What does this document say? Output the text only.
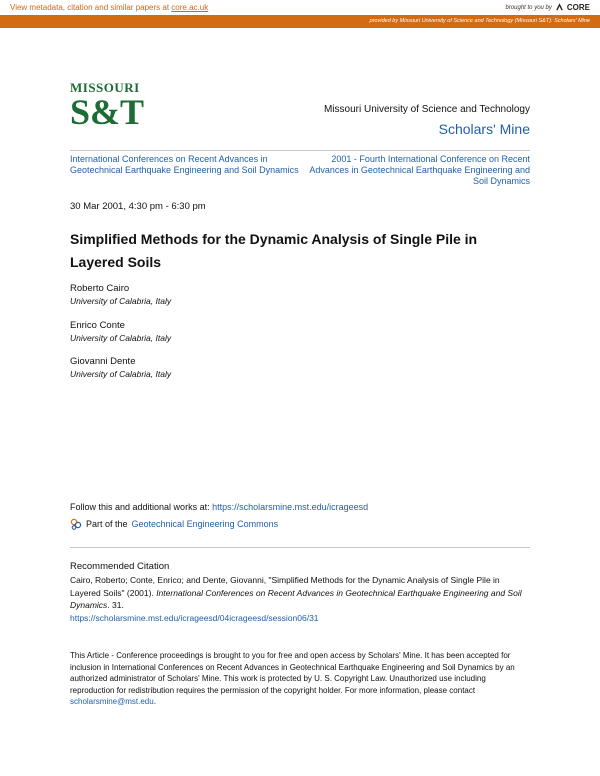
View metadata, citation and similar papers at core.ac.uk	brought to you by CORE
provided by Missouri University of Science and Technology (Missouri S&T): Scholars' Mine
MISSOURI
S&T	Missouri University of Science and Technology
Scholars' Mine
International Conferences on Recent Advances in Geotechnical Earthquake Engineering and Soil Dynamics
2001 - Fourth International Conference on Recent Advances in Geotechnical Earthquake Engineering and Soil Dynamics
30 Mar 2001, 4:30 pm - 6:30 pm
Simplified Methods for the Dynamic Analysis of Single Pile in Layered Soils
Roberto Cairo
University of Calabria, Italy
Enrico Conte
University of Calabria, Italy
Giovanni Dente
University of Calabria, Italy
Follow this and additional works at: https://scholarsmine.mst.edu/icrageesd
Part of the Geotechnical Engineering Commons
Recommended Citation
Cairo, Roberto; Conte, Enrico; and Dente, Giovanni, "Simplified Methods for the Dynamic Analysis of Single Pile in Layered Soils" (2001). International Conferences on Recent Advances in Geotechnical Earthquake Engineering and Soil Dynamics. 31.
https://scholarsmine.mst.edu/icrageesd/04icrageesd/session06/31
This Article - Conference proceedings is brought to you for free and open access by Scholars' Mine. It has been accepted for inclusion in International Conferences on Recent Advances in Geotechnical Earthquake Engineering and Soil Dynamics by an authorized administrator of Scholars' Mine. This work is protected by U. S. Copyright Law. Unauthorized use including reproduction for redistribution requires the permission of the copyright holder. For more information, please contact scholarsmine@mst.edu.
